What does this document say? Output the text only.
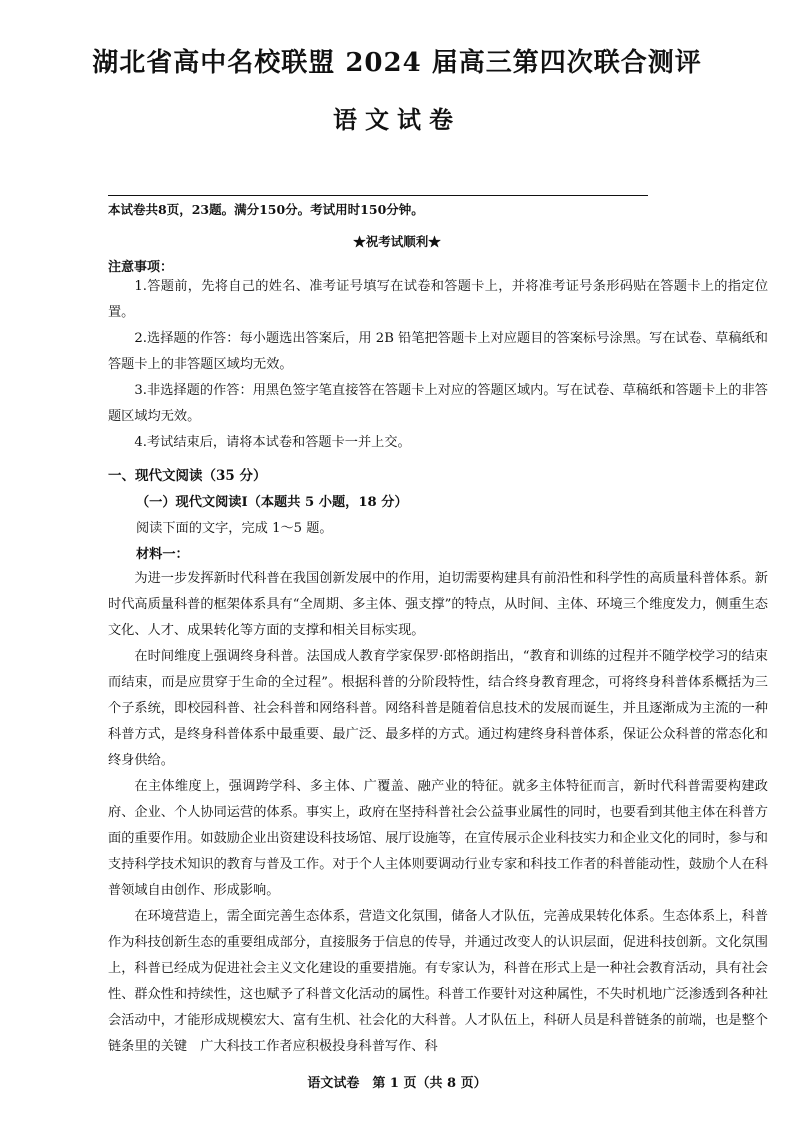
湖北省高中名校联盟 2024 届高三第四次联合测评
语文试卷
本试卷共8页，23题。满分150分。考试用时150分钟。
★祝考试顺利★
注意事项：

1.答题前，先将自己的姓名、准考证号填写在试卷和答题卡上，并将准考证号条形码贴在答题卡上的指定位置。

2.选择题的作答：每小题选出答案后，用 2B 铅笔把答题卡上对应题目的答案标号涂黑。写在试卷、草稿纸和答题卡上的非答题区域均无效。

3.非选择题的作答：用黑色签字笔直接答在答题卡上对应的答题区域内。写在试卷、草稿纸和答题卡上的非答题区域均无效。

4.考试结束后，请将本试卷和答题卡一并上交。

一、现代文阅读（35 分）
（一）现代文阅读Ⅰ（本题共 5 小题，18 分）
阅读下面的文字，完成 1～5 题。
材料一：

为进一步发挥新时代科普在我国创新发展中的作用，迫切需要构建具有前沿性和科学性的高质量科普体系。新时代高质量科普的框架体系具有“全周期、多主体、强支撑”的特点，从时间、主体、环境三个维度发力，侧重生态文化、人才、成果转化等方面的支撑和相关目标实现。

在时间维度上强调终身科普。法国成人教育学家保罗·郎格朗指出，“教育和训练的过程并不随学校学习的结束而结束，而是应贯穿于生命的全过程”。根据科普的分阶段特性，结合终身教育理念，可将终身科普体系概括为三个子系统，即校园科普、社会科普和网络科普。网络科普是随着信息技术的发展而诞生，并且逐渐成为主流的一种科普方式，是终身科普体系中最重要、最广泛、最多样的方式。通过构建终身科普体系，保证公众科普的常态化和终身供给。

在主体维度上，强调跨学科、多主体、广覆盖、融产业的特征。就多主体特征而言，新时代科普需要构建政府、企业、个人协同运营的体系。事实上，政府在坚持科普社会公益事业属性的同时，也要看到其他主体在科普方面的重要作用。如鼓励企业出资建设科技场馆、展厅设施等，在宣传展示企业科技实力和企业文化的同时，参与和支持科学技术知识的教育与普及工作。对于个人主体则要调动行业专家和科技工作者的科普能动性，鼓励个人在科普领域自由创作、形成影响。

在环境营造上，需全面完善生态体系，营造文化氛围，储备人才队伍，完善成果转化体系。生态体系上，科普作为科技创新生态的重要组成部分，直接服务于信息的传导，并通过改变人的认识层面，促进科技创新。文化氛围上，科普已经成为促进社会主义文化建设的重要措施。有专家认为，科普在形式上是一种社会教育活动，具有社会性、群众性和持续性，这也赋予了科普文化活动的属性。科普工作要针对这种属性，不失时机地广泛渗透到各种社会活动中，才能形成规模宏大、富有生机、社会化的大科普。人才队伍上，科研人员是科普链条的前端，也是整个链条里的关键　广大科技工作者应积极投身科普写作、科

语文试卷　第 1 页（共 8 页）
